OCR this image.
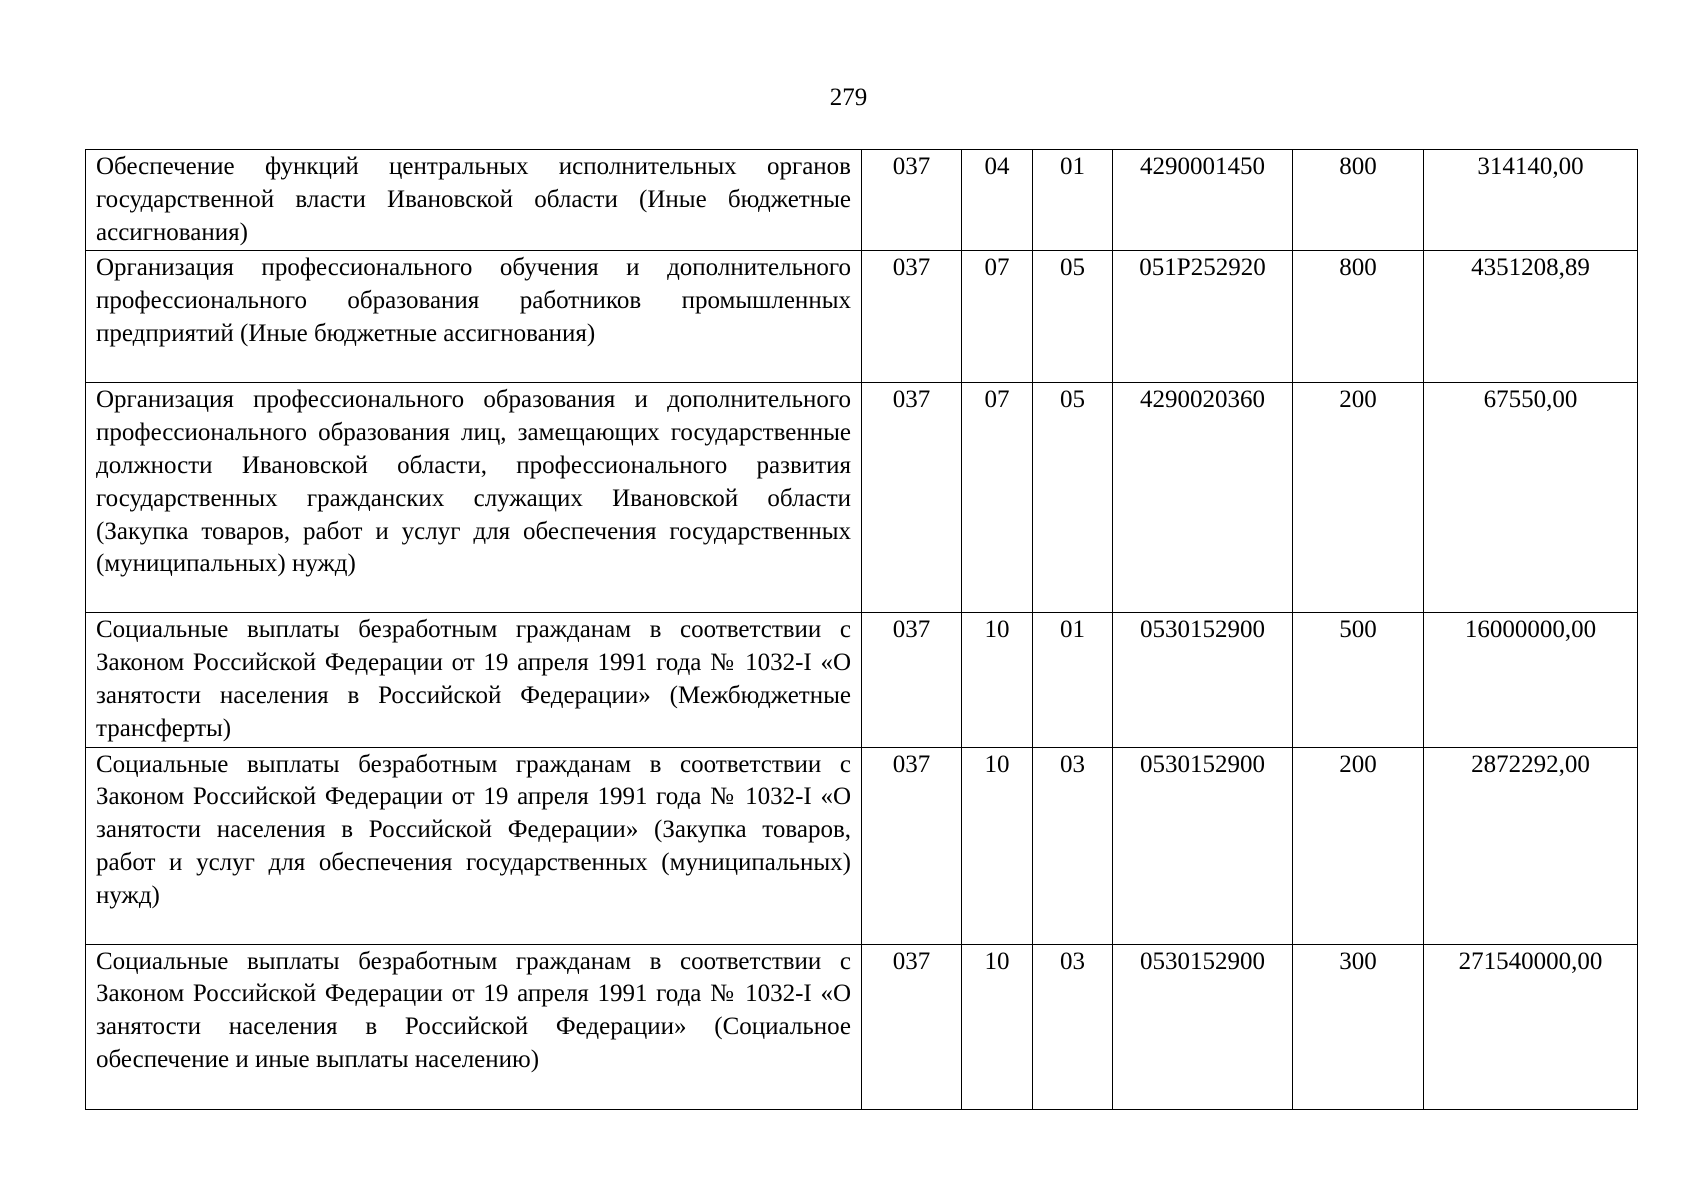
279
Обеспечение функций центральных исполнительных органов государственной власти Ивановской области (Иные бюджетные ассигнования)	037	04	01	4290001450	800	314140,00
Организация профессионального обучения и дополнительного профессионального образования работников промышленных предприятий (Иные бюджетные ассигнования)	037	07	05	051P252920	800	4351208,89
Организация профессионального образования и дополнительного профессионального образования лиц, замещающих государственные должности Ивановской области, профессионального развития государственных гражданских служащих Ивановской области (Закупка товаров, работ и услуг для обеспечения государственных (муниципальных) нужд)	037	07	05	4290020360	200	67550,00
Социальные выплаты безработным гражданам в соответствии с Законом Российской Федерации от 19 апреля 1991 года № 1032-I «О занятости населения в Российской Федерации» (Межбюджетные трансферты)	037	10	01	0530152900	500	16000000,00
Социальные выплаты безработным гражданам в соответствии с Законом Российской Федерации от 19 апреля 1991 года № 1032-I «О занятости населения в Российской Федерации» (Закупка товаров, работ и услуг для обеспечения государственных (муниципальных) нужд)	037	10	03	0530152900	200	2872292,00
Социальные выплаты безработным гражданам в соответствии с Законом Российской Федерации от 19 апреля 1991 года № 1032-I «О занятости населения в Российской Федерации» (Социальное обеспечение и иные выплаты населению)	037	10	03	0530152900	300	271540000,00
